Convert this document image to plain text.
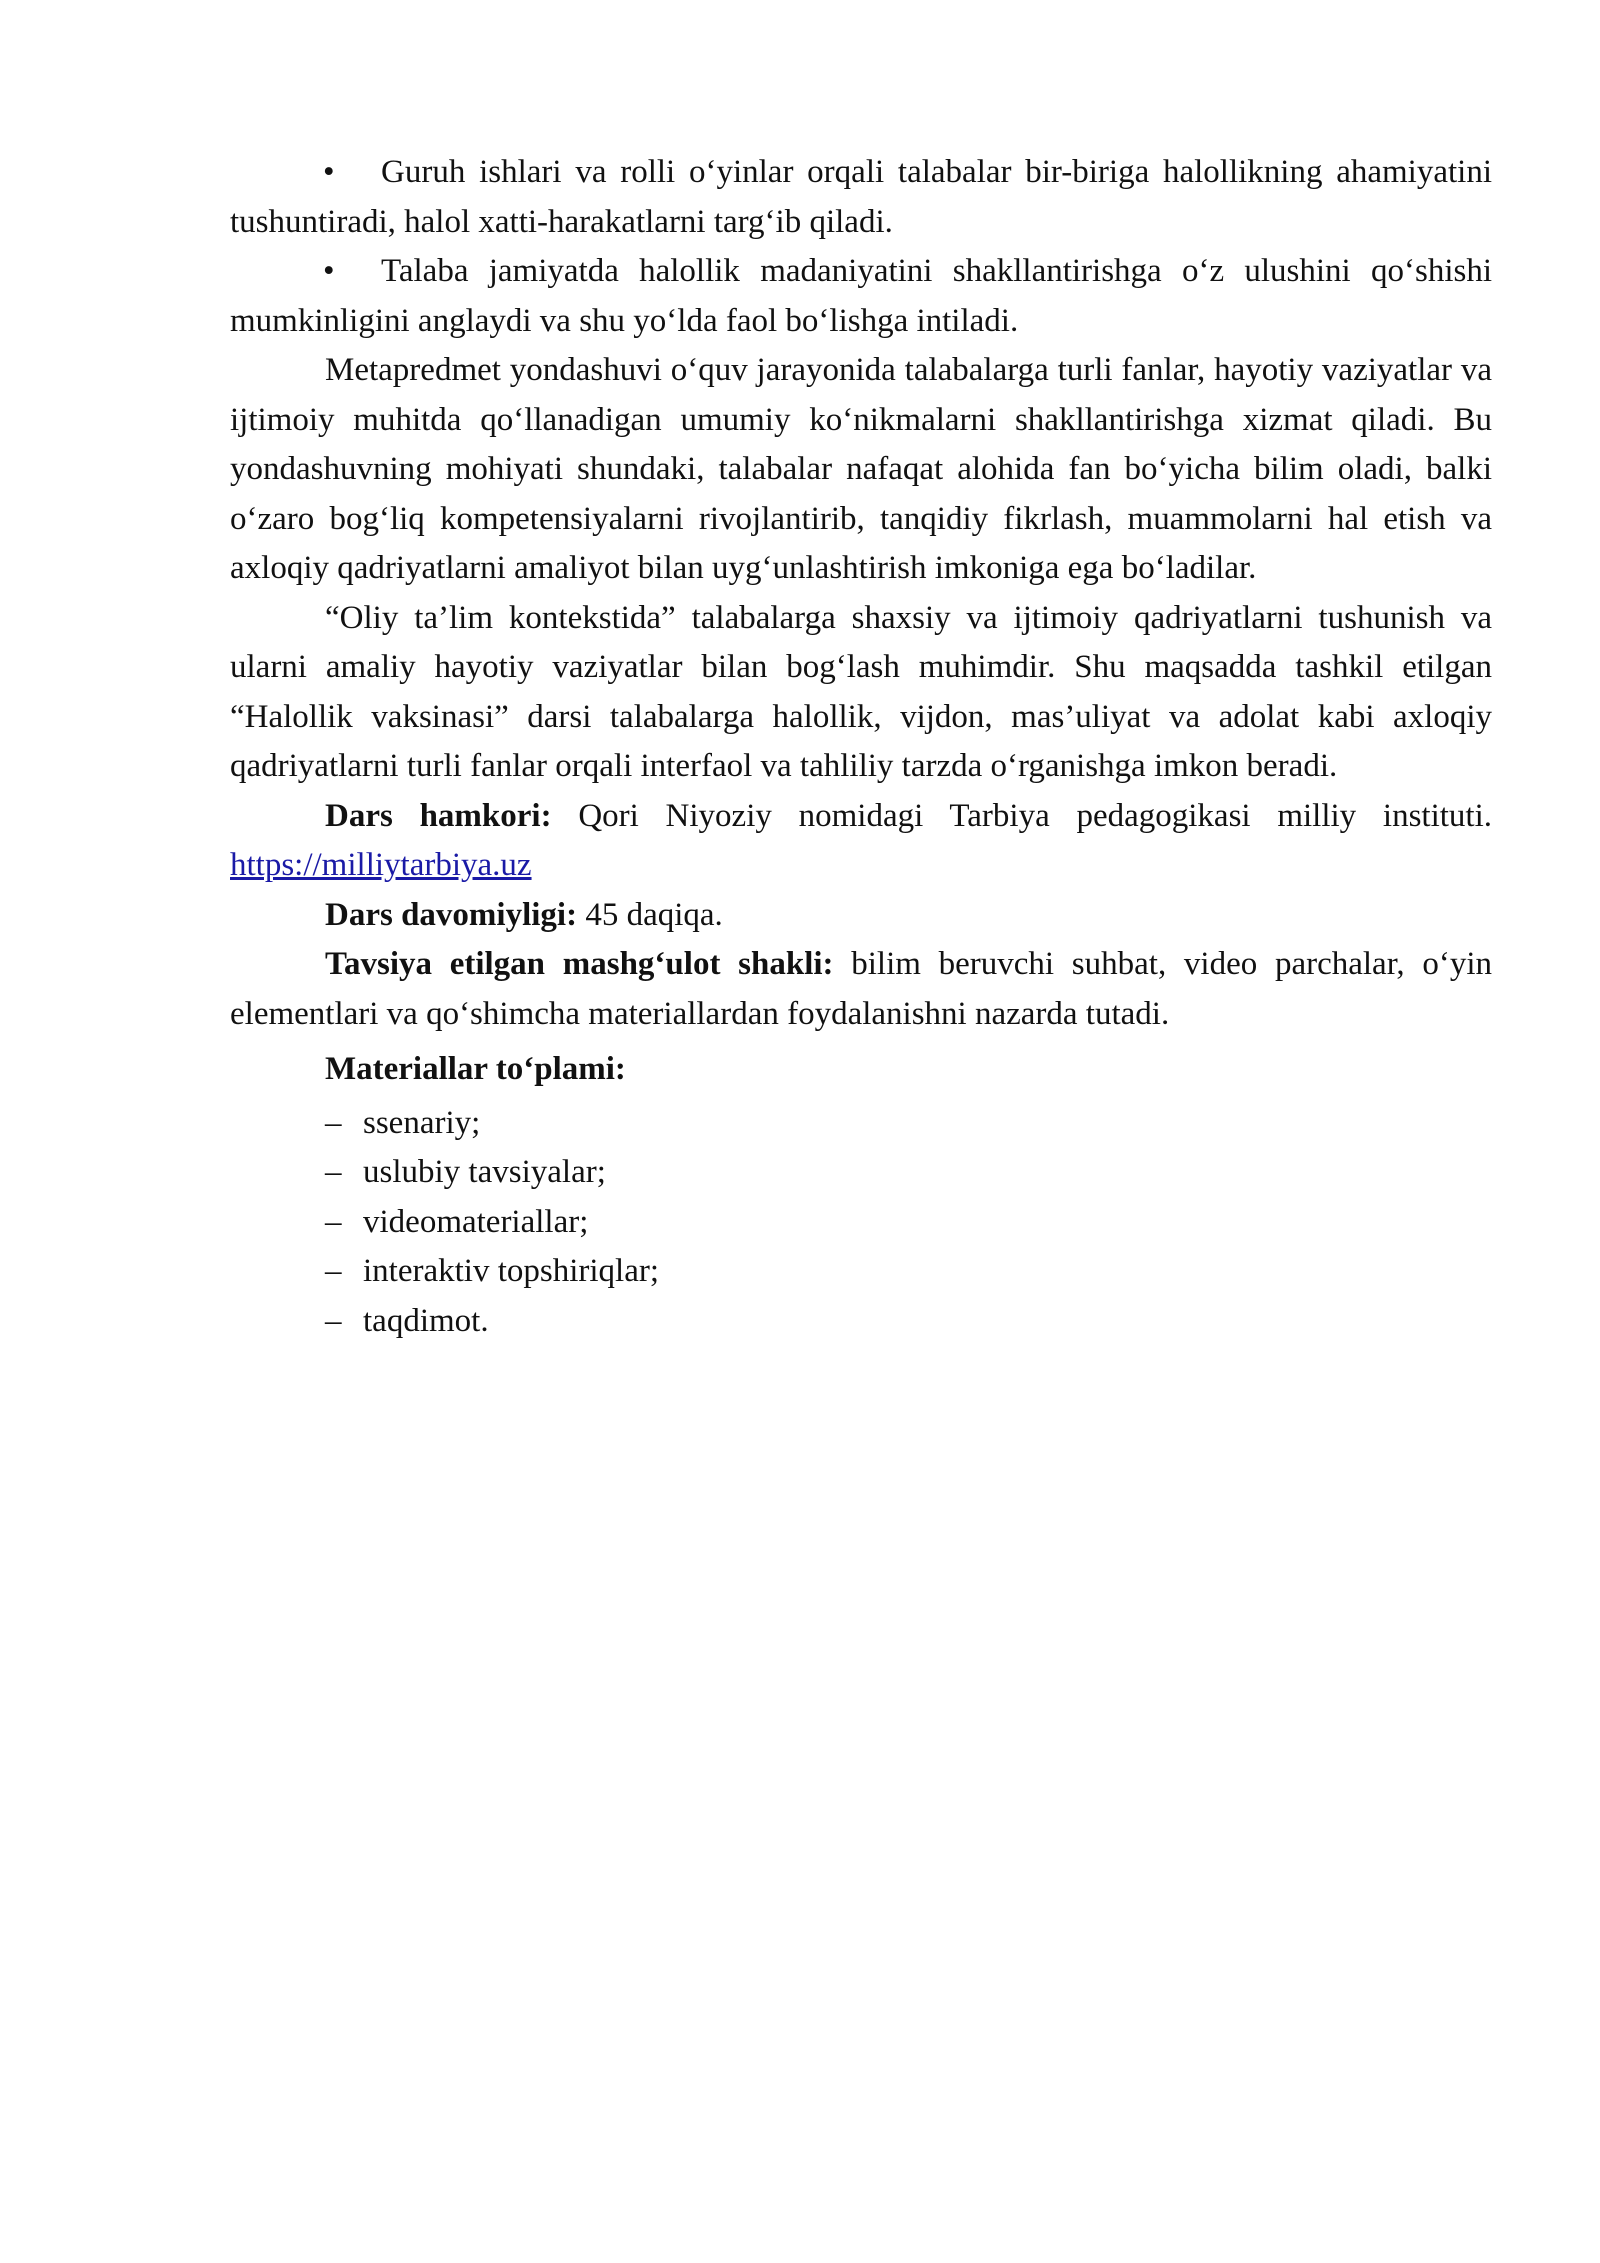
• Guruh ishlari va rolli o‘yinlar orqali talabalar bir-biriga halollikning ahamiyatini tushuntiradi, halol xatti-harakatlarni targ‘ib qiladi.

• Talaba jamiyatda halollik madaniyatini shakllantirishga o‘z ulushini qo‘shishi mumkinligini anglaydi va shu yo‘lda faol bo‘lishga intiladi.

Metapredmet yondashuvi o‘quv jarayonida talabalarga turli fanlar, hayotiy vaziyatlar va ijtimoiy muhitda qo‘llanadigan umumiy ko‘nikmalarni shakllantirishga xizmat qiladi. Bu yondashuvning mohiyati shundaki, talabalar nafaqat alohida fan bo‘yicha bilim oladi, balki o‘zaro bog‘liq kompetensiyalarni rivojlantirib, tanqidiy fikrlash, muammolarni hal etish va axloqiy qadriyatlarni amaliyot bilan uyg‘unlashtirish imkoniga ega bo‘ladilar.

“Oliy ta’lim kontekstida” talabalarga shaxsiy va ijtimoiy qadriyatlarni tushunish va ularni amaliy hayotiy vaziyatlar bilan bog‘lash muhimdir. Shu maqsadda tashkil etilgan “Halollik vaksinasi” darsi talabalarga halollik, vijdon, mas’uliyat va adolat kabi axloqiy qadriyatlarni turli fanlar orqali interfaol va tahliliy tarzda o‘rganishga imkon beradi.

Dars hamkori: Qori Niyoziy nomidagi Tarbiya pedagogikasi milliy instituti. https://milliytarbiya.uz

Dars davomiyligi: 45 daqiqa.

Tavsiya etilgan mashg‘ulot shakli: bilim beruvchi suhbat, video parchalar, o‘yin elementlari va qo‘shimcha materiallardan foydalanishni nazarda tutadi.

Materiallar to‘plami:

– ssenariy;
– uslubiy tavsiyalar;
– videomateriallar;
– interaktiv topshiriqlar;
– taqdimot.
